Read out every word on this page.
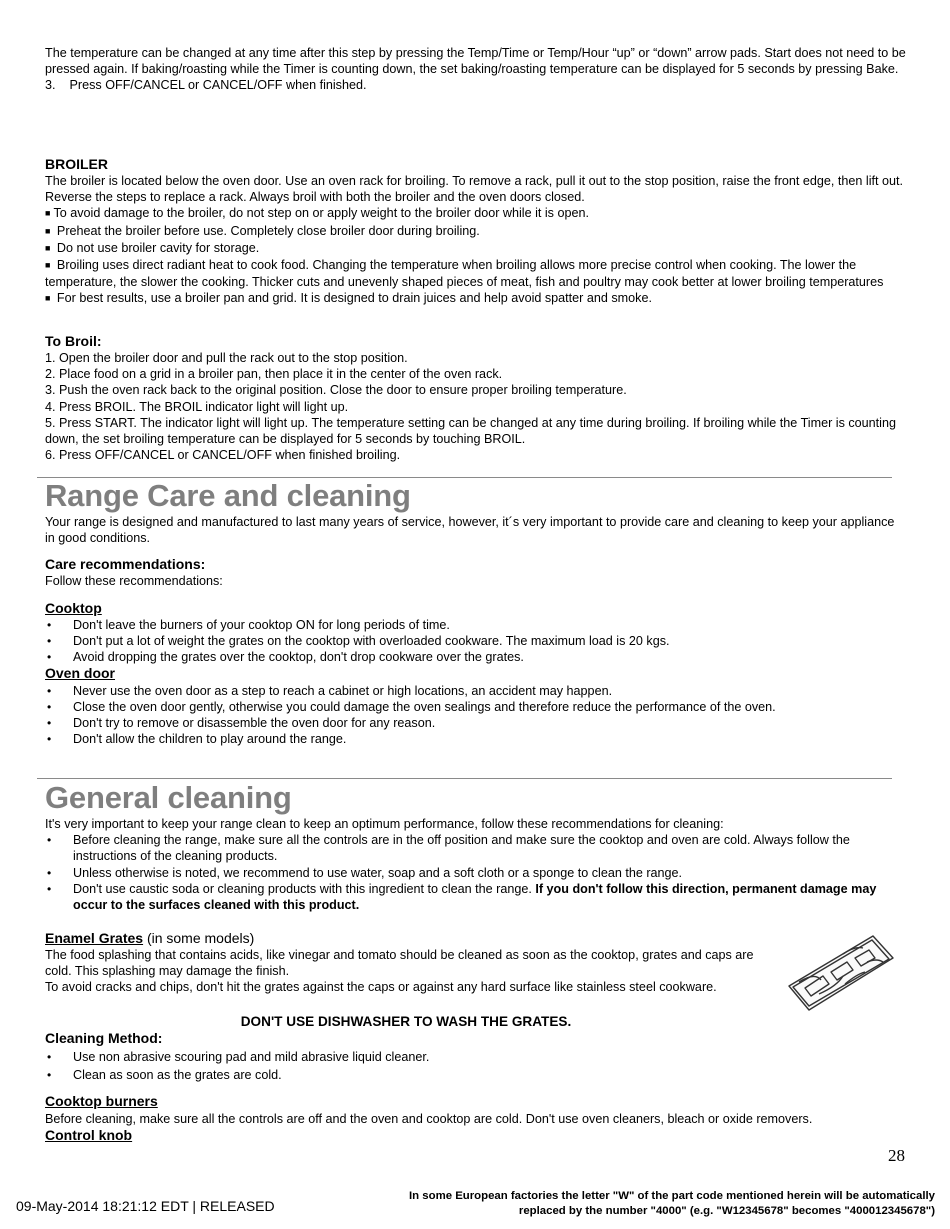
The temperature can be changed at any time after this step by pressing the Temp/Time or Temp/Hour “up” or “down” arrow pads. Start does not need to be pressed again. If baking/roasting while the Timer is counting down, the set baking/roasting temperature can be displayed for 5 seconds by pressing Bake.

3. Press OFF/CANCEL or CANCEL/OFF when finished.

BROILER

The broiler is located below the oven door. Use an oven rack for broiling. To remove a rack, pull it out to the stop position, raise the front edge, then lift out. Reverse the steps to replace a rack. Always broil with both the broiler and the oven doors closed.

■ To avoid damage to the broiler, do not step on or apply weight to the broiler door while it is open.

■ Preheat the broiler before use. Completely close broiler door during broiling.

■ Do not use broiler cavity for storage.

■ Broiling uses direct radiant heat to cook food. Changing the temperature when broiling allows more precise control when cooking. The lower the temperature, the slower the cooking. Thicker cuts and unevenly shaped pieces of meat, fish and poultry may cook better at lower broiling temperatures

■ For best results, use a broiler pan and grid. It is designed to drain juices and help avoid spatter and smoke.

To Broil:

1. Open the broiler door and pull the rack out to the stop position.

2. Place food on a grid in a broiler pan, then place it in the center of the oven rack.

3. Push the oven rack back to the original position. Close the door to ensure proper broiling temperature.

4. Press BROIL. The BROIL indicator light will light up.

5. Press START. The indicator light will light up. The temperature setting can be changed at any time during broiling. If broiling while the Timer is counting down, the set broiling temperature can be displayed for 5 seconds by touching BROIL.

6. Press OFF/CANCEL or CANCEL/OFF when finished broiling.

Range Care and cleaning

Your range is designed and manufactured to last many years of service, however, it´s very important to provide care and cleaning to keep your appliance in good conditions.

Care recommendations:

Follow these recommendations:

Cooktop

• Don't leave the burners of your cooktop ON for long periods of time.
• Don't put a lot of weight the grates on the cooktop with overloaded cookware. The maximum load is 20 kgs.
• Avoid dropping the grates over the cooktop, don't drop cookware over the grates.

Oven door

• Never use the oven door as a step to reach a cabinet or high locations, an accident may happen.
• Close the oven door gently, otherwise you could damage the oven sealings and therefore reduce the performance of the oven.
• Don't try to remove or disassemble the oven door for any reason.
• Don't allow the children to play around the range.

General cleaning

It's very important to keep your range clean to keep an optimum performance, follow these recommendations for cleaning:

• Before cleaning the range, make sure all the controls are in the off position and make sure the cooktop and oven are cold. Always follow the instructions of the cleaning products.
• Unless otherwise is noted, we recommend to use water, soap and a soft cloth or a sponge to clean the range.
• Don't use caustic soda or cleaning products with this ingredient to clean the range. If you don't follow this direction, permanent damage may occur to the surfaces cleaned with this product.

Enamel Grates (in some models)

The food splashing that contains acids, like vinegar and tomato should be cleaned as soon as the cooktop, grates and caps are cold. This splashing may damage the finish.

To avoid cracks and chips, don't hit the grates against the caps or against any hard surface like stainless steel cookware.

DON'T USE DISHWASHER TO WASH THE GRATES.

Cleaning Method:

• Use non abrasive scouring pad and mild abrasive liquid cleaner.
• Clean as soon as the grates are cold.

Cooktop burners

Before cleaning, make sure all the controls are off and the oven and cooktop are cold. Don't use oven cleaners, bleach or oxide removers.

Control knob

28
09-May-2014 18:21:12 EDT | RELEASED

In some European factories the letter "W" of the part code mentioned herein will be automatically

replaced by the number "4000" (e.g. "W12345678" becomes "400012345678")
